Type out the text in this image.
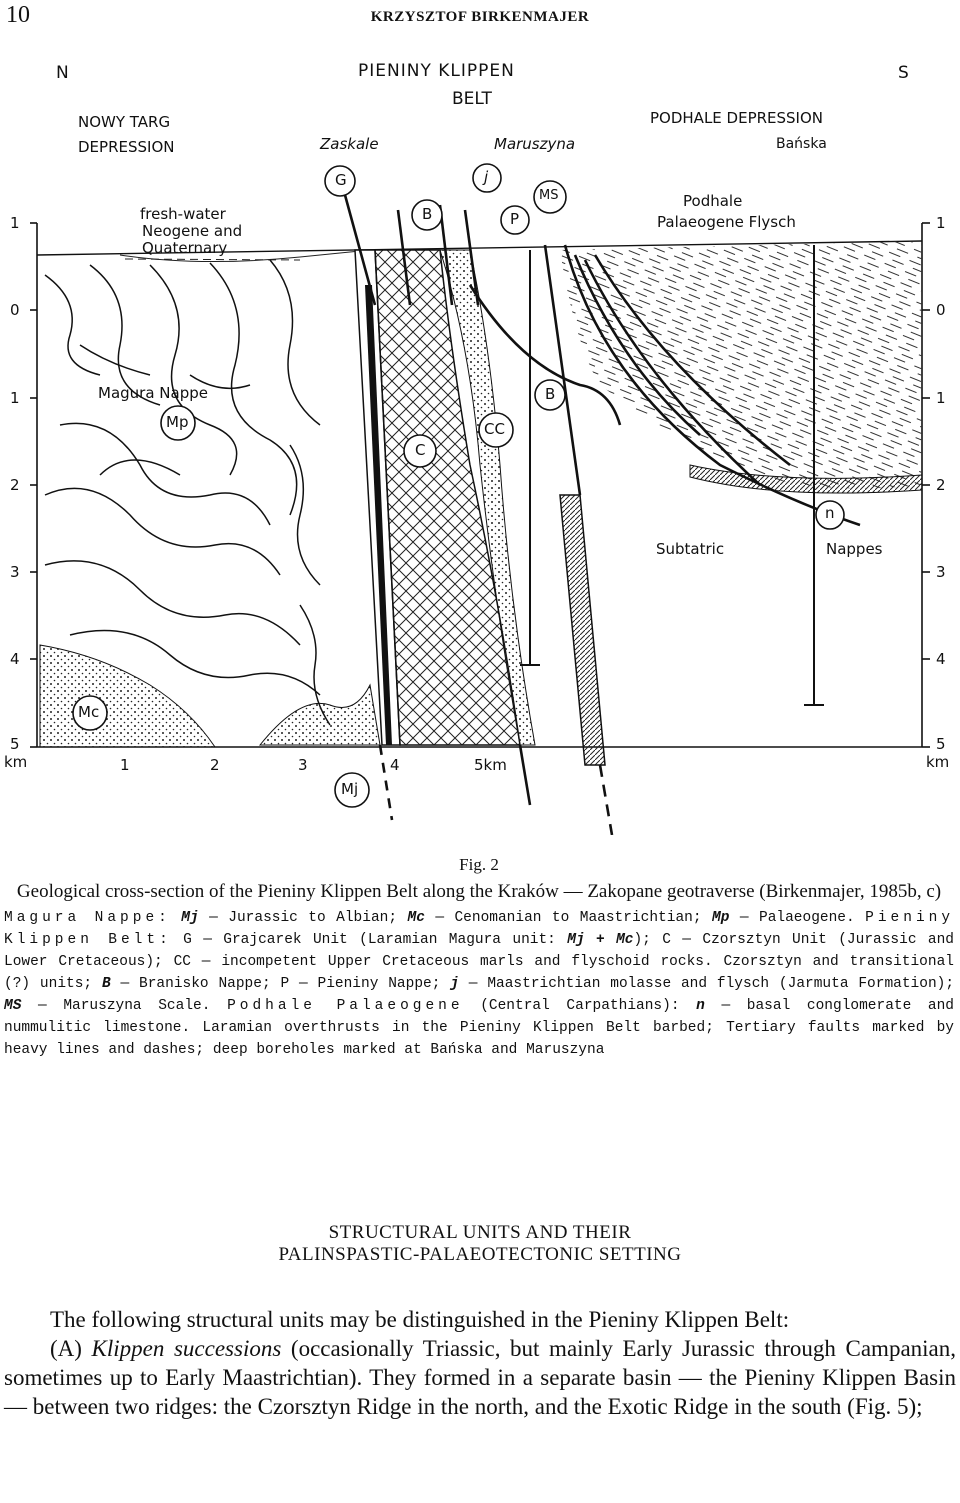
10	KRZYSZTOF BIRKENMAJER
N	S
PIENINY KLIPPEN
BELT
NOWY TARG
DEPRESSION
PODHALE DEPRESSION
Bańska
Zaskale	Maruszyna
fresh-water
Neogene and
Quaternary
Podhale
Palaeogene Flysch
Magura Nappe
Subtatric	Nappes
1
0
1
2
3
4
5
km
1
0
1
2
3
4
5
km
1	2	3	4	5km
G
B
j
P
MS
Mp
C
CC
B
n
Mc
Mj

Fig. 2

Geological cross-section of the Pieniny Klippen Belt along the Kraków — Zakopane geotraverse (Birkenmajer, 1985b, c)

Magura Nappe: Mj — Jurassic to Albian; Mc — Cenomanian to Maastrichtian; Mp — Palaeogene. Pieniny Klippen Belt: G — Grajcarek Unit (Laramian Magura unit: Mj + Mc); C — Czorsztyn Unit (Jurassic and Lower Cretaceous); CC — incompetent Upper Cretaceous marls and flyschoid rocks. Czorsztyn and transitional (?) units; B — Branisko Nappe; P — Pieniny Nappe; j — Maastrichtian molasse and flysch (Jarmuta Formation); MS — Maruszyna Scale. Podhale Palaeogene (Central Carpathians): n — basal conglomerate and nummulitic limestone. Laramian overthrusts in the Pieniny Klippen Belt barbed; Tertiary faults marked by heavy lines and dashes; deep boreholes marked at Bańska and Maruszyna

STRUCTURAL UNITS AND THEIR
PALINSPASTIC-PALAEOTECTONIC SETTING

The following structural units may be distinguished in the Pieniny Klippen Belt:

(A) Klippen successions (occasionally Triassic, but mainly Early Jurassic through Campanian, sometimes up to Early Maastrichtian). They formed in a separate basin — the Pieniny Klippen Basin — between two ridges: the Czorsztyn Ridge in the north, and the Exotic Ridge in the south (Fig. 5);
